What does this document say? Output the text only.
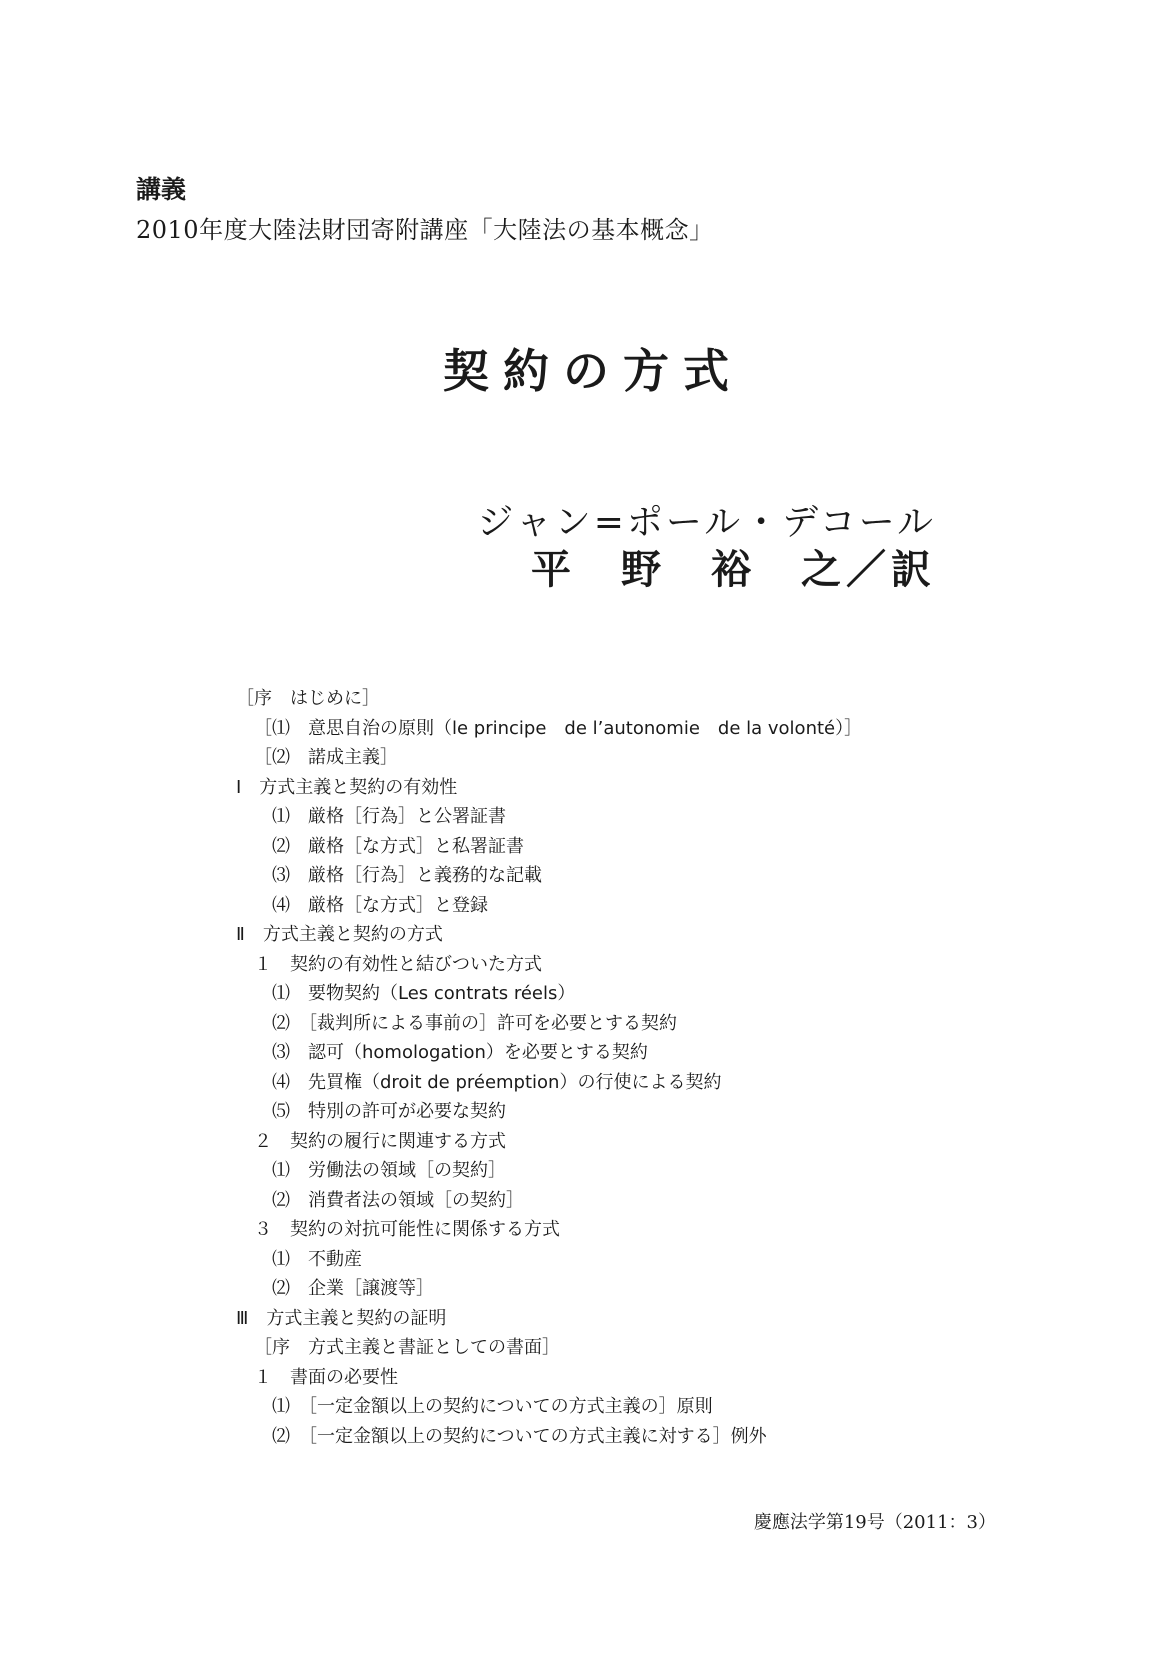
講義
2010年度大陸法財団寄附講座「大陸法の基本概念」
契約の方式
ジャン=ポール・デコール
平　野　裕　之／訳
［序　はじめに］
［⑴　意思自治の原則（le principe　de l’autonomie　de la volonté）］
［⑵　諾成主義］
Ⅰ　方式主義と契約の有効性
⑴　厳格［行為］と公署証書
⑵　厳格［な方式］と私署証書
⑶　厳格［行為］と義務的な記載
⑷　厳格［な方式］と登録
Ⅱ　方式主義と契約の方式
１　契約の有効性と結びついた方式
⑴　要物契約（Les contrats réels）
⑵　［裁判所による事前の］許可を必要とする契約
⑶　認可（homologation）を必要とする契約
⑷　先買権（droit de préemption）の行使による契約
⑸　特別の許可が必要な契約
２　契約の履行に関連する方式
⑴　労働法の領域［の契約］
⑵　消費者法の領域［の契約］
３　契約の対抗可能性に関係する方式
⑴　不動産
⑵　企業［譲渡等］
Ⅲ　方式主義と契約の証明
［序　方式主義と書証としての書面］
１　書面の必要性
⑴　［一定金額以上の契約についての方式主義の］原則
⑵　［一定金額以上の契約についての方式主義に対する］例外
慶應法学第19号（2011：3）
